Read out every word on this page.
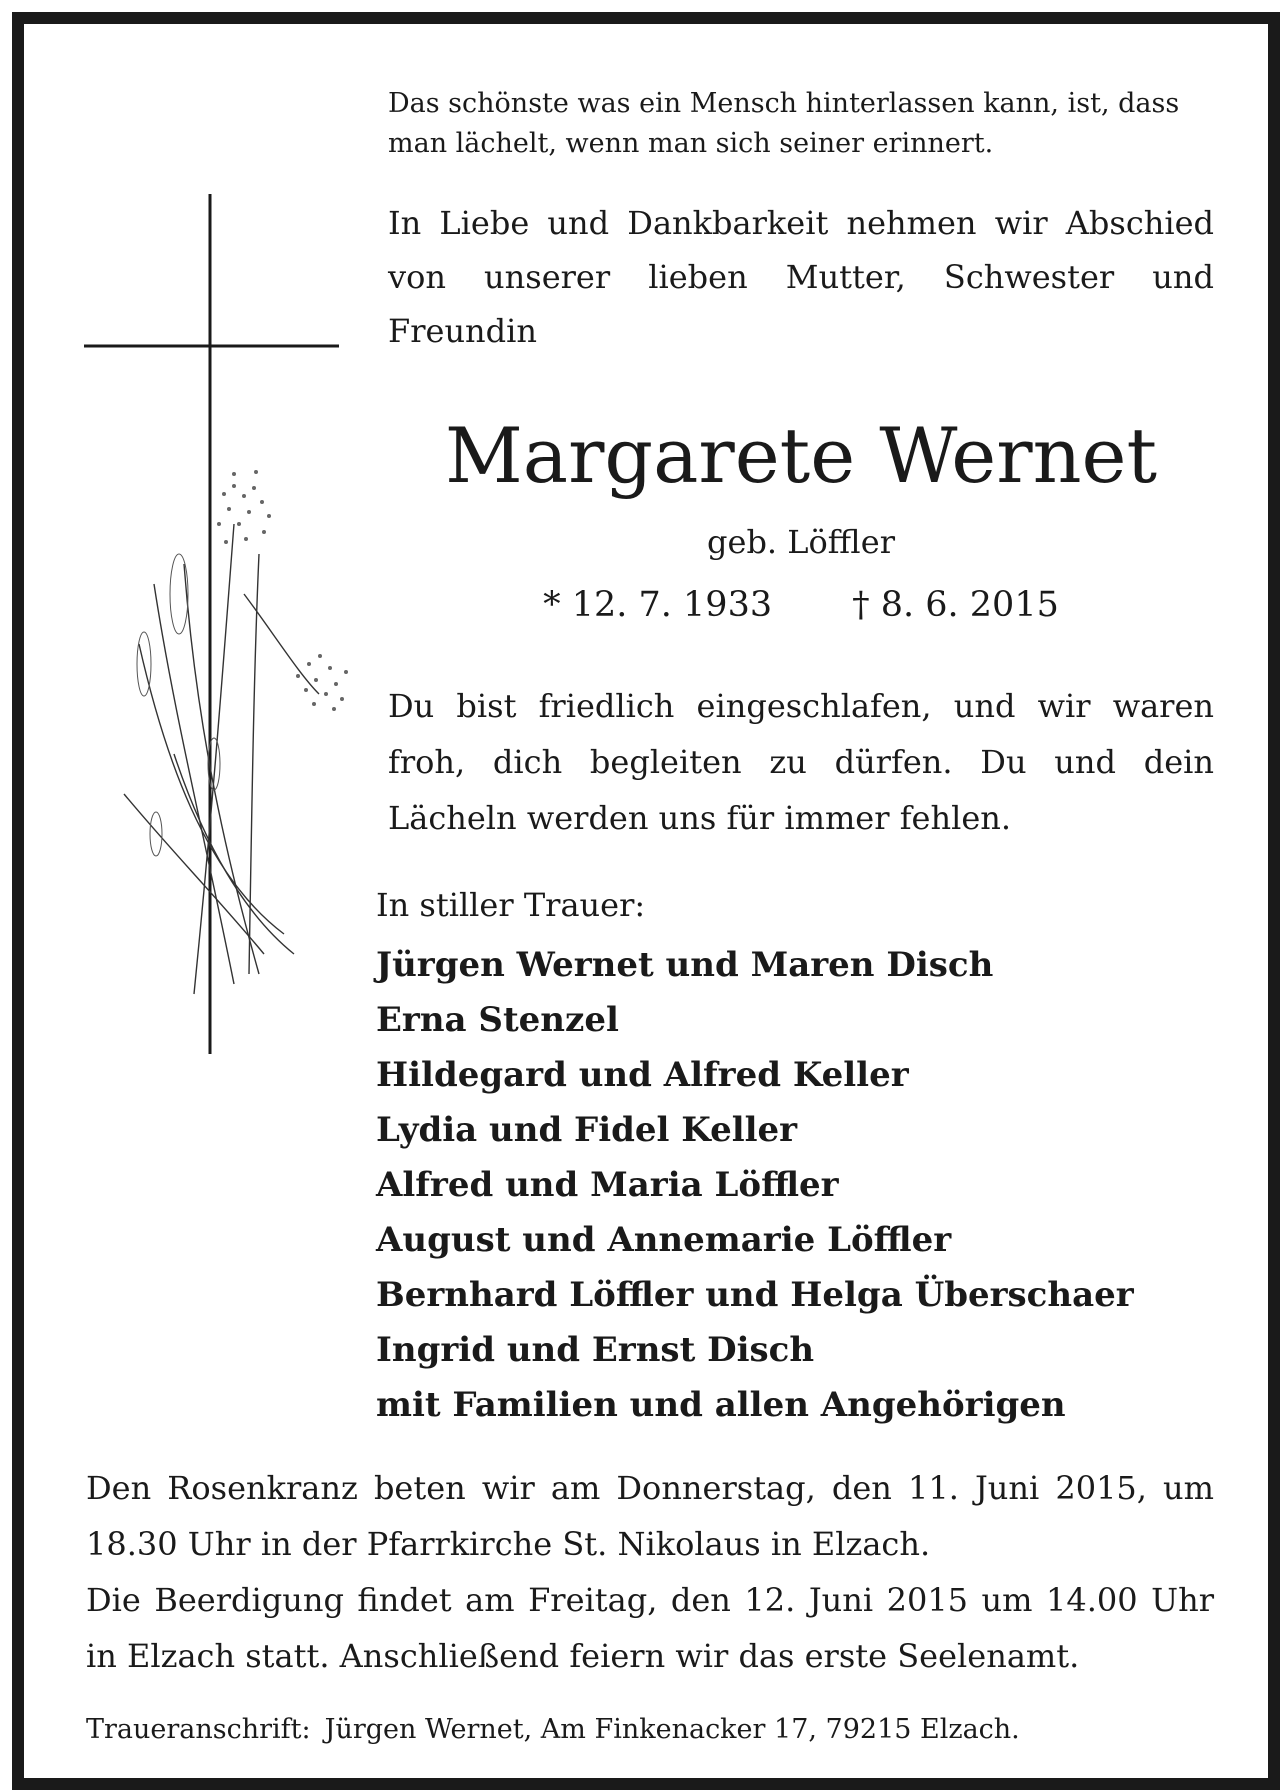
Das schönste was ein Mensch hinterlassen kann, ist, dass man lächelt, wenn man sich seiner erinnert.

In Liebe und Dankbarkeit nehmen wir Abschied von unserer lieben Mutter, Schwester und Freundin

Margarete Wernet

geb. Löffler

* 12. 7. 1933 † 8. 6. 2015

Du bist friedlich eingeschlafen, und wir waren froh, dich begleiten zu dürfen. Du und dein Lächeln werden uns für immer fehlen.

In stiller Trauer:

Jürgen Wernet und Maren Disch
Erna Stenzel
Hildegard und Alfred Keller
Lydia und Fidel Keller
Alfred und Maria Löffler
August und Annemarie Löffler
Bernhard Löffler und Helga Überschaer
Ingrid und Ernst Disch
mit Familien und allen Angehörigen

Den Rosenkranz beten wir am Donnerstag, den 11. Juni 2015, um 18.30 Uhr in der Pfarrkirche St. Nikolaus in Elzach.

Die Beerdigung findet am Freitag, den 12. Juni 2015 um 14.00 Uhr in Elzach statt. Anschließend feiern wir das erste Seelenamt.

Traueranschrift: Jürgen Wernet, Am Finkenacker 17, 79215 Elzach.
